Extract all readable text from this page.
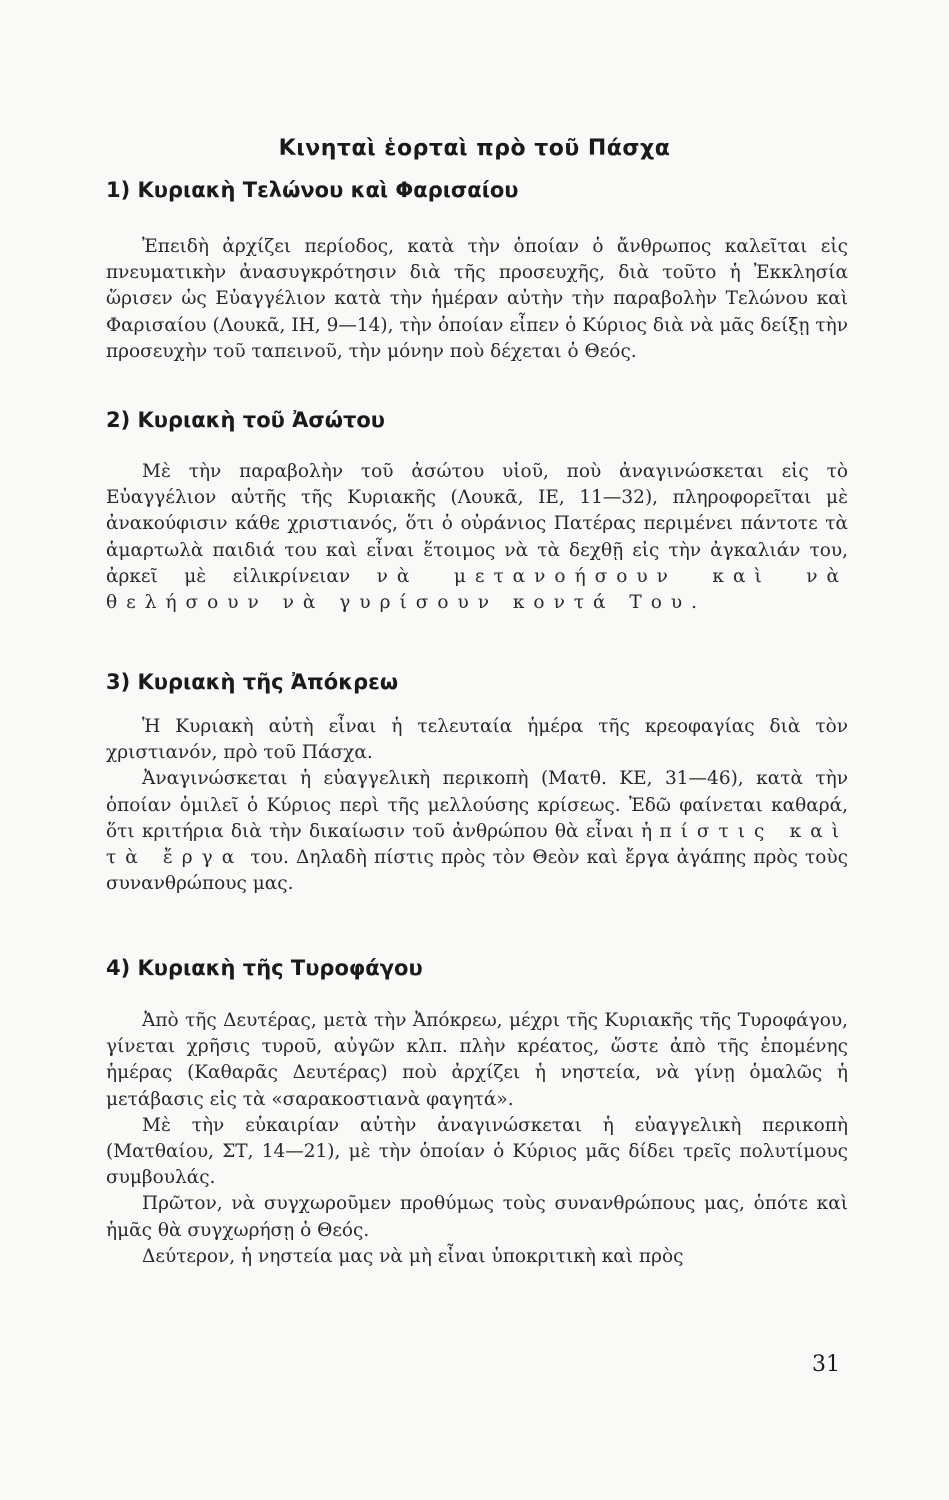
Κινηταὶ ἑορταὶ πρὸ τοῦ Πάσχα
1) Κυριακὴ Τελώνου καὶ Φαρισαίου

Ἐπειδὴ ἀρχίζει περίοδος, κατὰ τὴν ὁποίαν ὁ ἄνθρωπος καλεῖται εἰς πνευματικὴν ἀνασυγκρότησιν διὰ τῆς προσευχῆς, διὰ τοῦτο ἡ Ἐκκλησία ὥρισεν ὡς Εὐαγγέλιον κατὰ τὴν ἡμέραν αὐτὴν τὴν παραβολὴν Τελώνου καὶ Φαρισαίου (Λουκᾶ, ΙΗ, 9—14), τὴν ὁποίαν εἶπεν ὁ Κύριος διὰ νὰ μᾶς δείξῃ τὴν προσευχὴν τοῦ ταπεινοῦ, τὴν μόνην ποὺ δέχεται ὁ Θεός.

2) Κυριακὴ τοῦ Ἀσώτου

Μὲ τὴν παραβολὴν τοῦ ἀσώτου υἱοῦ, ποὺ ἀναγινώσκεται εἰς τὸ Εὐαγγέλιον αὐτῆς τῆς Κυριακῆς (Λουκᾶ, ΙΕ, 11—32), πληροφορεῖται μὲ ἀνακούφισιν κάθε χριστιανός, ὅτι ὁ οὐράνιος Πατέρας περιμένει πάντοτε τὰ ἁμαρτωλὰ παιδιά του καὶ εἶναι ἕτοιμος νὰ τὰ δεχθῇ εἰς τὴν ἀγκαλιάν του, ἀρκεῖ μὲ εἰλικρίνειαν νὰ μετανοήσουν καὶ νὰ θελήσουν νὰ γυρίσουν κοντά Του.

3) Κυριακὴ τῆς Ἀπόκρεω

Ἡ Κυριακὴ αὐτὴ εἶναι ἡ τελευταία ἡμέρα τῆς κρεοφαγίας διὰ τὸν χριστιανόν, πρὸ τοῦ Πάσχα.

Ἀναγινώσκεται ἡ εὐαγγελικὴ περικοπὴ (Ματθ. ΚΕ, 31—46), κατὰ τὴν ὁποίαν ὁμιλεῖ ὁ Κύριος περὶ τῆς μελλούσης κρίσεως. Ἐδῶ φαίνεται καθαρά, ὅτι κριτήρια διὰ τὴν δικαίωσιν τοῦ ἀνθρώπου θὰ εἶναι ἡ πίστις καὶ τὰ ἔργα του. Δηλαδὴ πίστις πρὸς τὸν Θεὸν καὶ ἔργα ἀγάπης πρὸς τοὺς συνανθρώπους μας.

4) Κυριακὴ τῆς Τυροφάγου

Ἀπὸ τῆς Δευτέρας, μετὰ τὴν Ἀπόκρεω, μέχρι τῆς Κυριακῆς τῆς Τυροφάγου, γίνεται χρῆσις τυροῦ, αὐγῶν κλπ. πλὴν κρέατος, ὥστε ἀπὸ τῆς ἑπομένης ἡμέρας (Καθαρᾶς Δευτέρας) ποὺ ἀρχίζει ἡ νηστεία, νὰ γίνῃ ὁμαλῶς ἡ μετάβασις εἰς τὰ «σαρακοστιανὰ φαγητά».

Μὲ τὴν εὐκαιρίαν αὐτὴν ἀναγινώσκεται ἡ εὐαγγελικὴ περικοπὴ (Ματθαίου, ΣΤ, 14—21), μὲ τὴν ὁποίαν ὁ Κύριος μᾶς δίδει τρεῖς πολυτίμους συμβουλάς.

Πρῶτον, νὰ συγχωροῦμεν προθύμως τοὺς συνανθρώπους μας, ὁπότε καὶ ἡμᾶς θὰ συγχωρήσῃ ὁ Θεός.

Δεύτερον, ἡ νηστεία μας νὰ μὴ εἶναι ὑποκριτικὴ καὶ πρὸς

31
